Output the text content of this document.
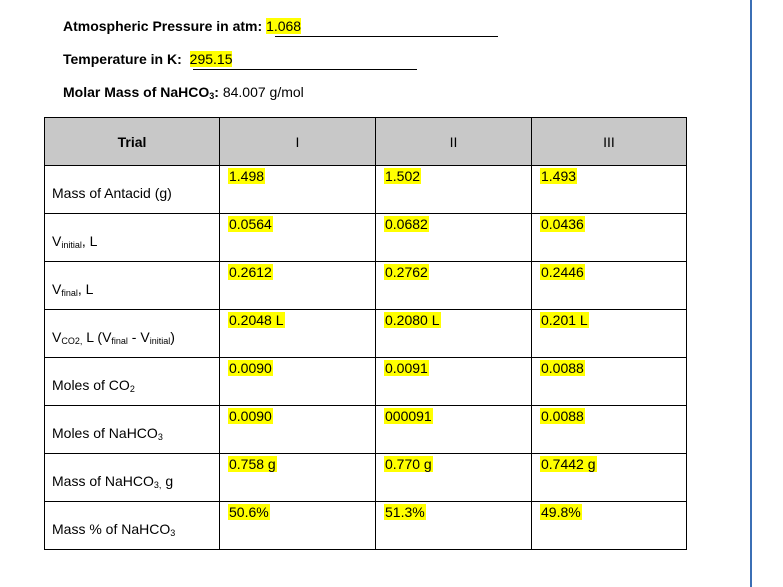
Atmospheric Pressure in atm: 1.068
Temperature in K: 295.15
Molar Mass of NaHCO$_3$: 84.007 g/mol
Trial	I	II	III

Mass of Antacid (g)	1.498	1.502	1.493

$V_{initial}$, L	0.0564	0.0682	0.0436

$V_{final}$, L	0.2612	0.2762	0.2446

$V_{CO2,}$ L $(V_{final} - V_{initial})$	0.2048 L	0.2080 L	0.201 L

Moles of $CO_2$	0.0090	0.0091	0.0088

Moles of NaHCO$_3$	0.0090	000091	0.0088

Mass of NaHCO$_{3,}$ g	0.758 g	0.770 g	0.7442 g

Mass % of NaHCO$_3$	50.6%	51.3%	49.8%
